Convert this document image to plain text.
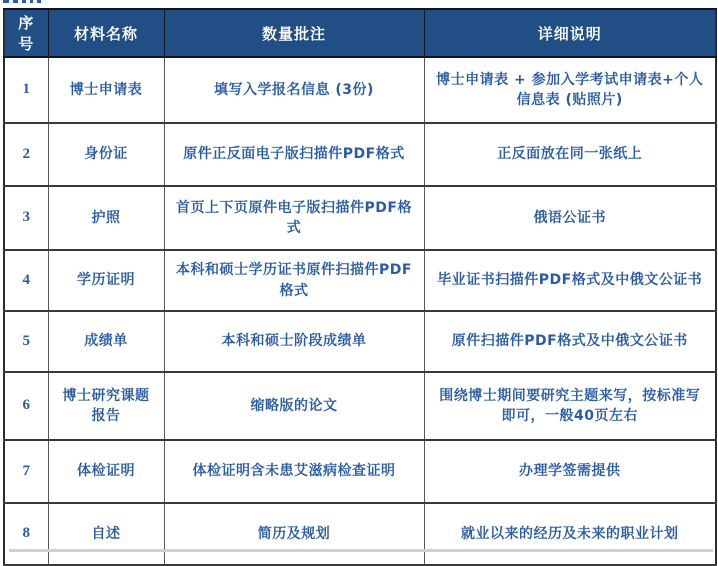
序号	材料名称	数量批注	详细说明
1	博士申请表	填写入学报名信息 (3份)	博士申请表 + 参加入学考试申请表+个人信息表 (贴照片)
2	身份证	原件正反面电子版扫描件PDF格式	正反面放在同一张纸上
3	护照	首页上下页原件电子版扫描件PDF格式	俄语公证书
4	学历证明	本科和硕士学历证书原件扫描件PDF格式	毕业证书扫描件PDF格式及中俄文公证书
5	成绩单	本科和硕士阶段成绩单	原件扫描件PDF格式及中俄文公证书
6	博士研究课题报告	缩略版的论文	围绕博士期间要研究主题来写，按标准写即可，一般40页左右
7	体检证明	体检证明含未患艾滋病检查证明	办理学签需提供
8	自述	简历及规划	就业以来的经历及未来的职业计划
